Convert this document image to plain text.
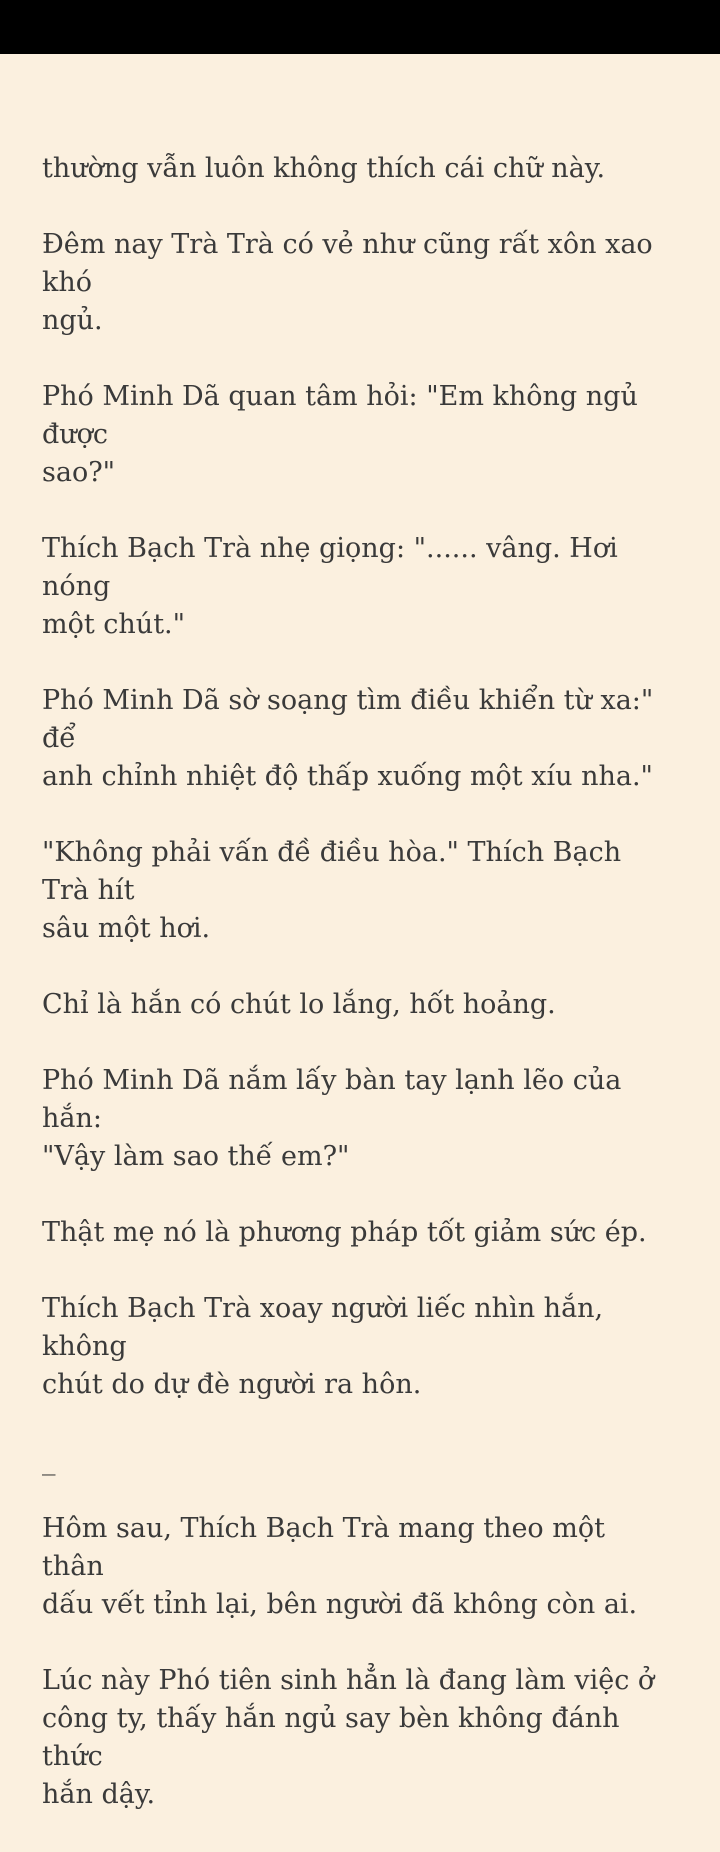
thường vẫn luôn không thích cái chữ này.

Đêm nay Trà Trà có vẻ như cũng rất xôn xao khó
ngủ.

Phó Minh Dã quan tâm hỏi: "Em không ngủ được
sao?"

Thích Bạch Trà nhẹ giọng: "...... vâng. Hơi nóng
một chút."

Phó Minh Dã sờ soạng tìm điều khiển từ xa:" để
anh chỉnh nhiệt độ thấp xuống một xíu nha."

"Không phải vấn đề điều hòa." Thích Bạch Trà hít
sâu một hơi.

Chỉ là hắn có chút lo lắng, hốt hoảng.

Phó Minh Dã nắm lấy bàn tay lạnh lẽo của hắn:
"Vậy làm sao thế em?"

Thật mẹ nó là phương pháp tốt giảm sức ép.

Thích Bạch Trà xoay người liếc nhìn hắn, không
chút do dự đè người ra hôn.

_

Hôm sau, Thích Bạch Trà mang theo một thân
dấu vết tỉnh lại, bên người đã không còn ai.

Lúc này Phó tiên sinh hẳn là đang làm việc ở
công ty, thấy hắn ngủ say bèn không đánh thức
hắn dậy.
